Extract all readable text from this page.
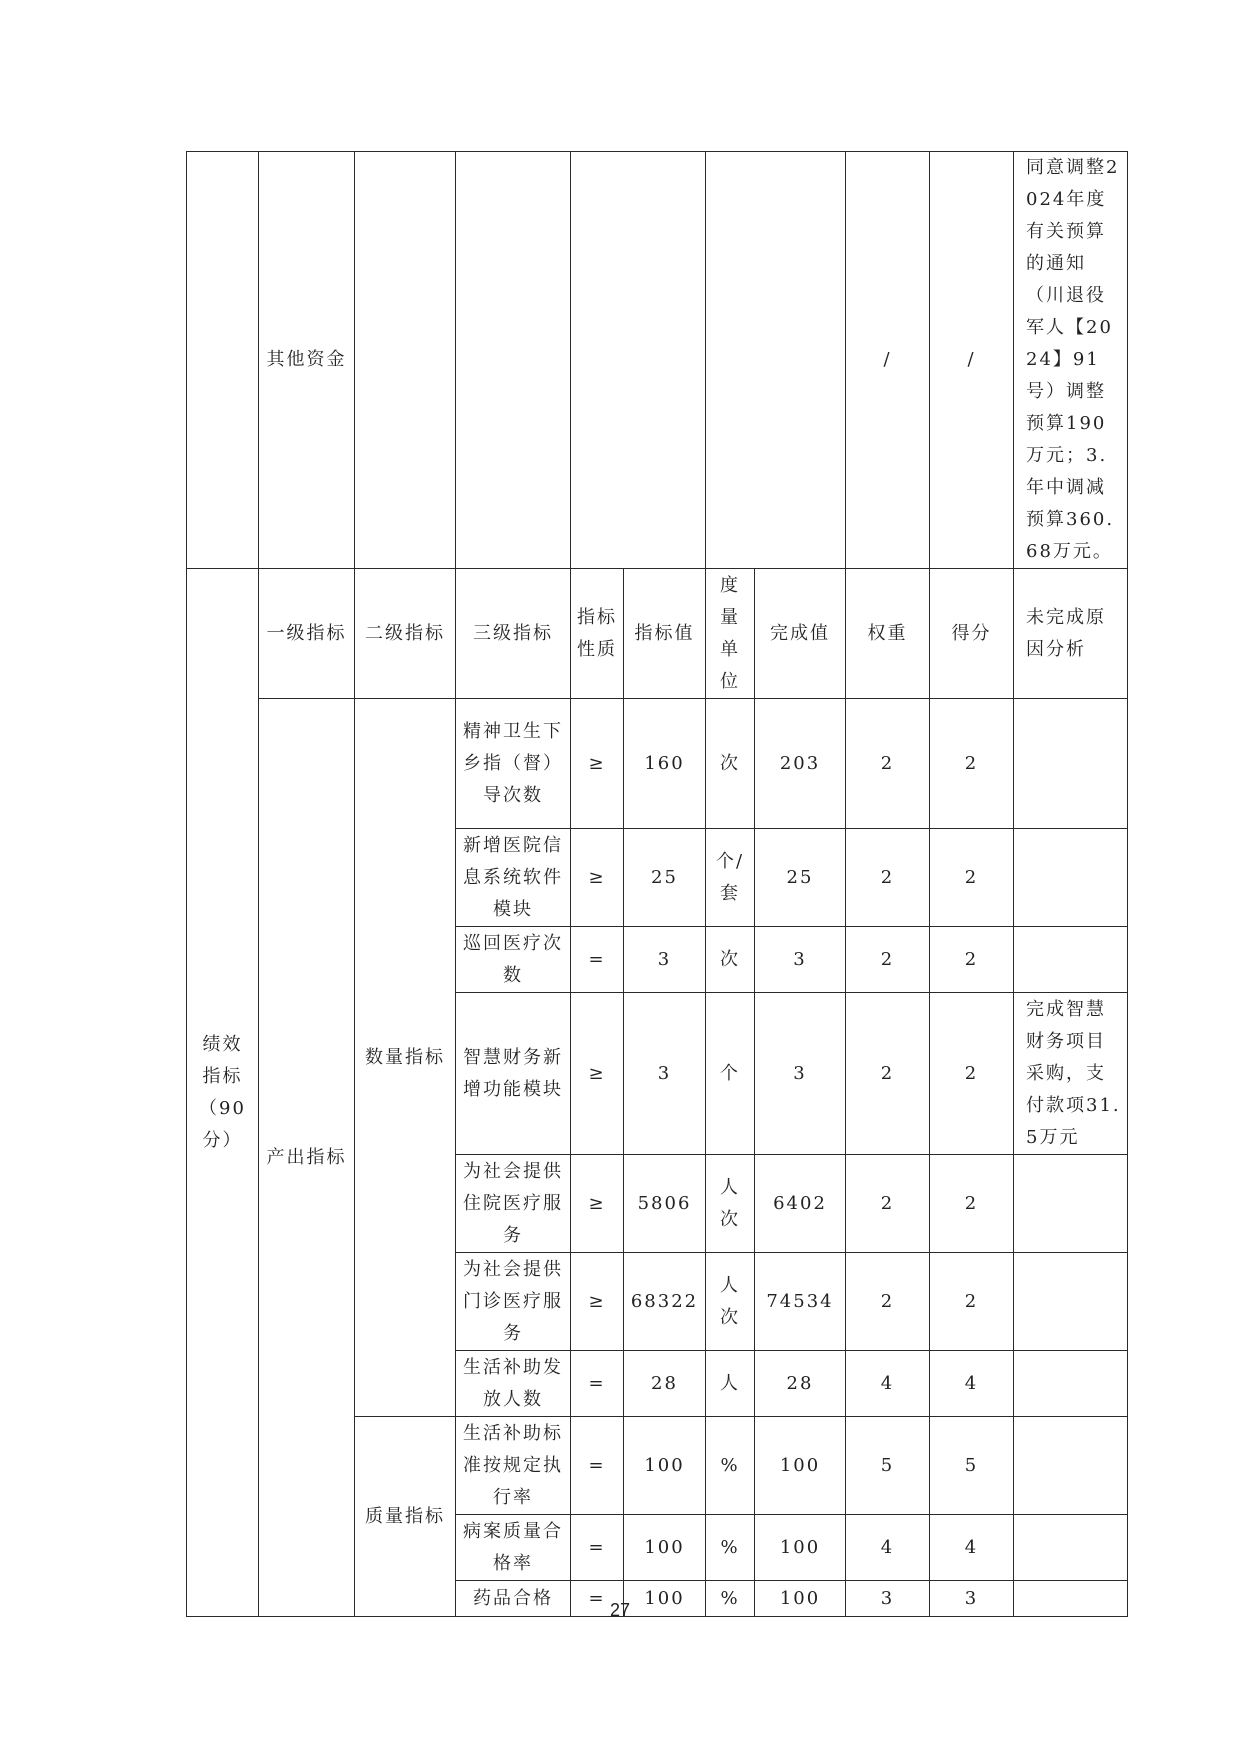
	其他资金							/	/	同意调整2024年度有关预算的通知（川退役军人【2024】91号）调整预算190万元；3.年中调减预算360.68万元。
绩效指标（90分）	一级指标	二级指标	三级指标	指标性质	指标值	度量单位	完成值	权重	得分	未完成原因分析
	产出指标	数量指标	精神卫生下乡指（督）导次数	≥	160	次	203	2	2	
			新增医院信息系统软件模块	≥	25	个/套	25	2	2	
			巡回医疗次数	=	3	次	3	2	2	
			智慧财务新增功能模块	≥	3	个	3	2	2	完成智慧财务项目采购，支付款项31.5万元
			为社会提供住院医疗服务	≥	5806	人次	6402	2	2	
			为社会提供门诊医疗服务	≥	68322	人次	74534	2	2	
			生活补助发放人数	=	28	人	28	4	4	
		质量指标	生活补助标准按规定执行率	=	100	%	100	5	5	
			病案质量合格率	=	100	%	100	4	4	
			药品合格	=	100	%	100	3	3	
27
